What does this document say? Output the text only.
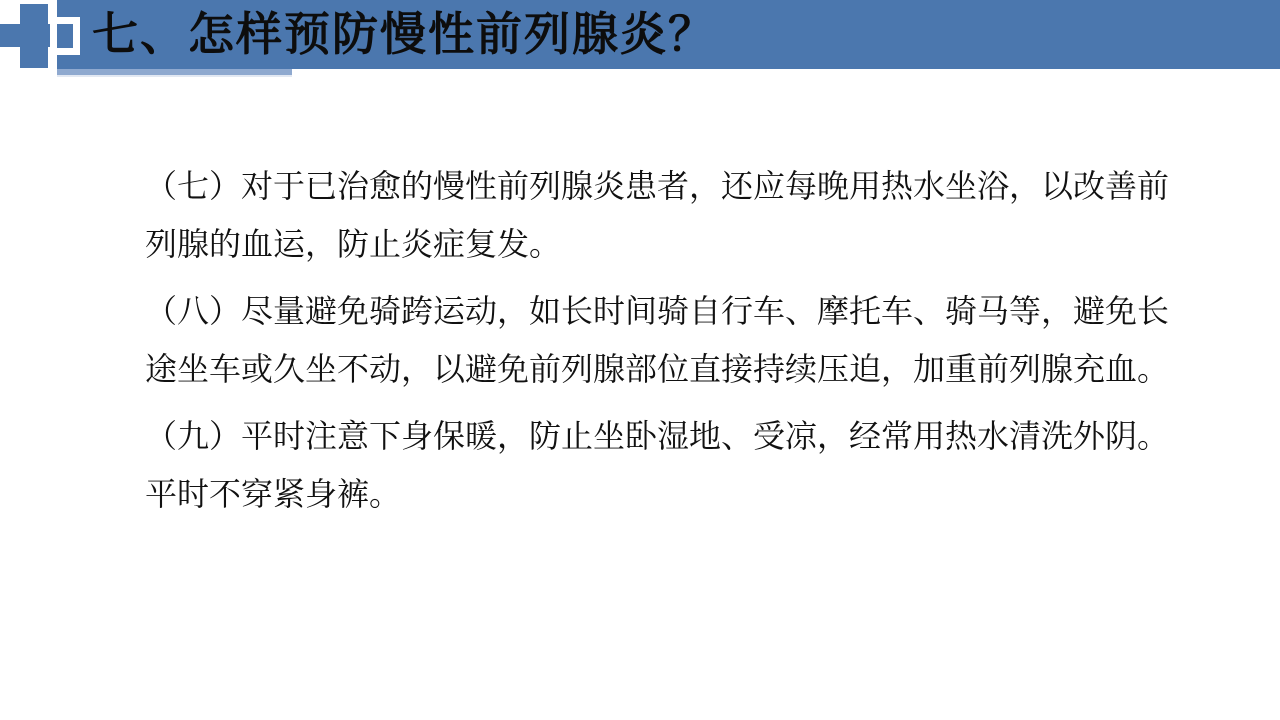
七、怎样预防慢性前列腺炎？
（七）对于已治愈的慢性前列腺炎患者，还应每晚用热水坐浴，以改善前
列腺的血运，防止炎症复发。
（八）尽量避免骑跨运动，如长时间骑自行车、摩托车、骑马等，避免长
途坐车或久坐不动，以避免前列腺部位直接持续压迫，加重前列腺充血。
（九）平时注意下身保暖，防止坐卧湿地、受凉，经常用热水清洗外阴。
平时不穿紧身裤。
